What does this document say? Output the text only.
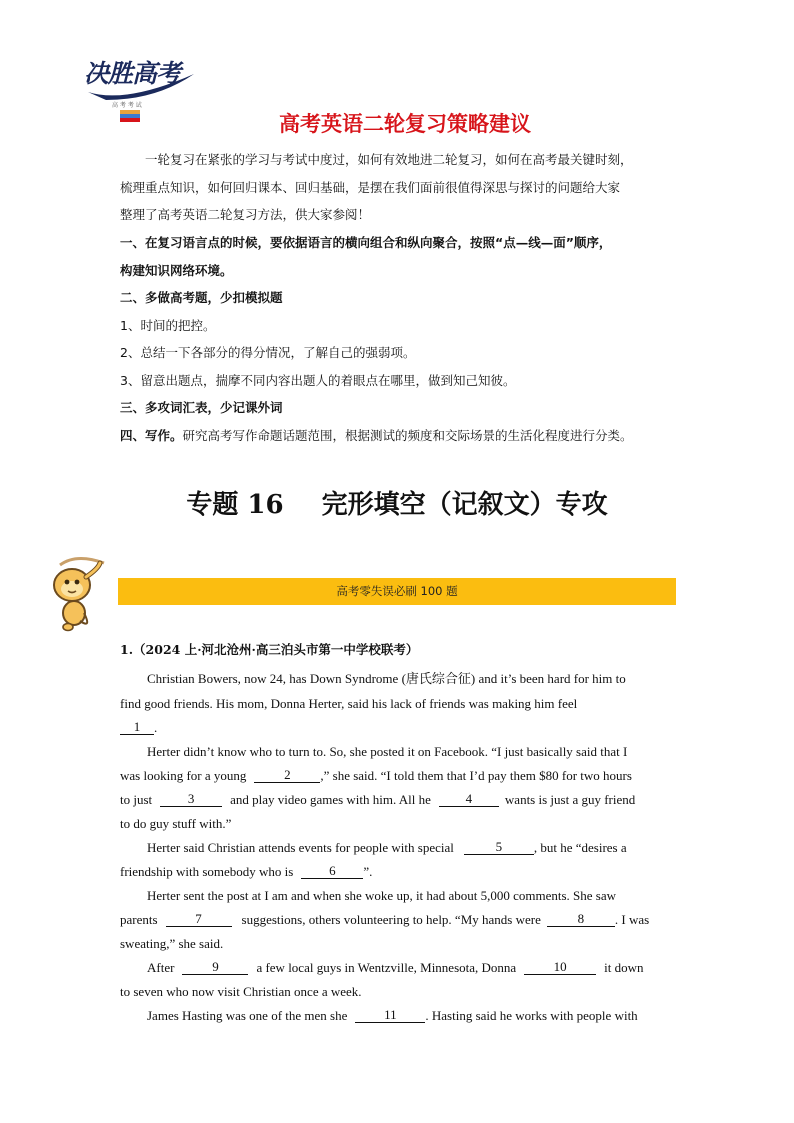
决胜高考
高 考 考 试
高考英语二轮复习策略建议
一轮复习在紧张的学习与考试中度过，如何有效地进二轮复习，如何在高考最关键时刻，
梳理重点知识，如何回归课本、回归基础，是摆在我们面前很值得深思与探讨的问题给大家
整理了高考英语二轮复习方法，供大家参阅！
一、在复习语言点的时候，要依据语言的横向组合和纵向聚合，按照“点—线—面”顺序，
构建知识网络环境。
二、多做高考题，少扣模拟题
1、时间的把控。
2、总结一下各部分的得分情况，了解自己的强弱项。
3、留意出题点，揣摩不同内容出题人的着眼点在哪里，做到知己知彼。
三、多攻词汇表，少记课外词
四、写作。研究高考写作命题话题范围，根据测试的频度和交际场景的生活化程度进行分类。
专题 16 完形填空（记叙文）专攻
高考零失误必刷 100 题
1.（2024 上·河北沧州·高三泊头市第一中学校联考）
Christian Bowers, now 24, has Down Syndrome (唐氏综合征) and it’s been hard for him to
find good friends. His mom, Donna Herter, said his lack of friends was making him feel
1	.
Herter didn’t know who to turn to. So, she posted it on Facebook. “I just basically said that I
was looking for a young	2	,” she said. “I told them that I’d pay them $80 for two hours
to just	3	and play video games with him. All he	4	wants is just a guy friend
to do guy stuff with.”
Herter said Christian attends events for people with special	5	, but he “desires a
friendship with somebody who is	6	”.
Herter sent the post at I am and when she woke up, it had about 5,000 comments. She saw
parents	7	suggestions, others volunteering to help. “My hands were	8	. I was
sweating,” she said.
After	9	a few local guys in Wentzville, Minnesota, Donna	10	it down
to seven who now visit Christian once a week.
James Hasting was one of the men she	11	. Hasting said he works with people with
